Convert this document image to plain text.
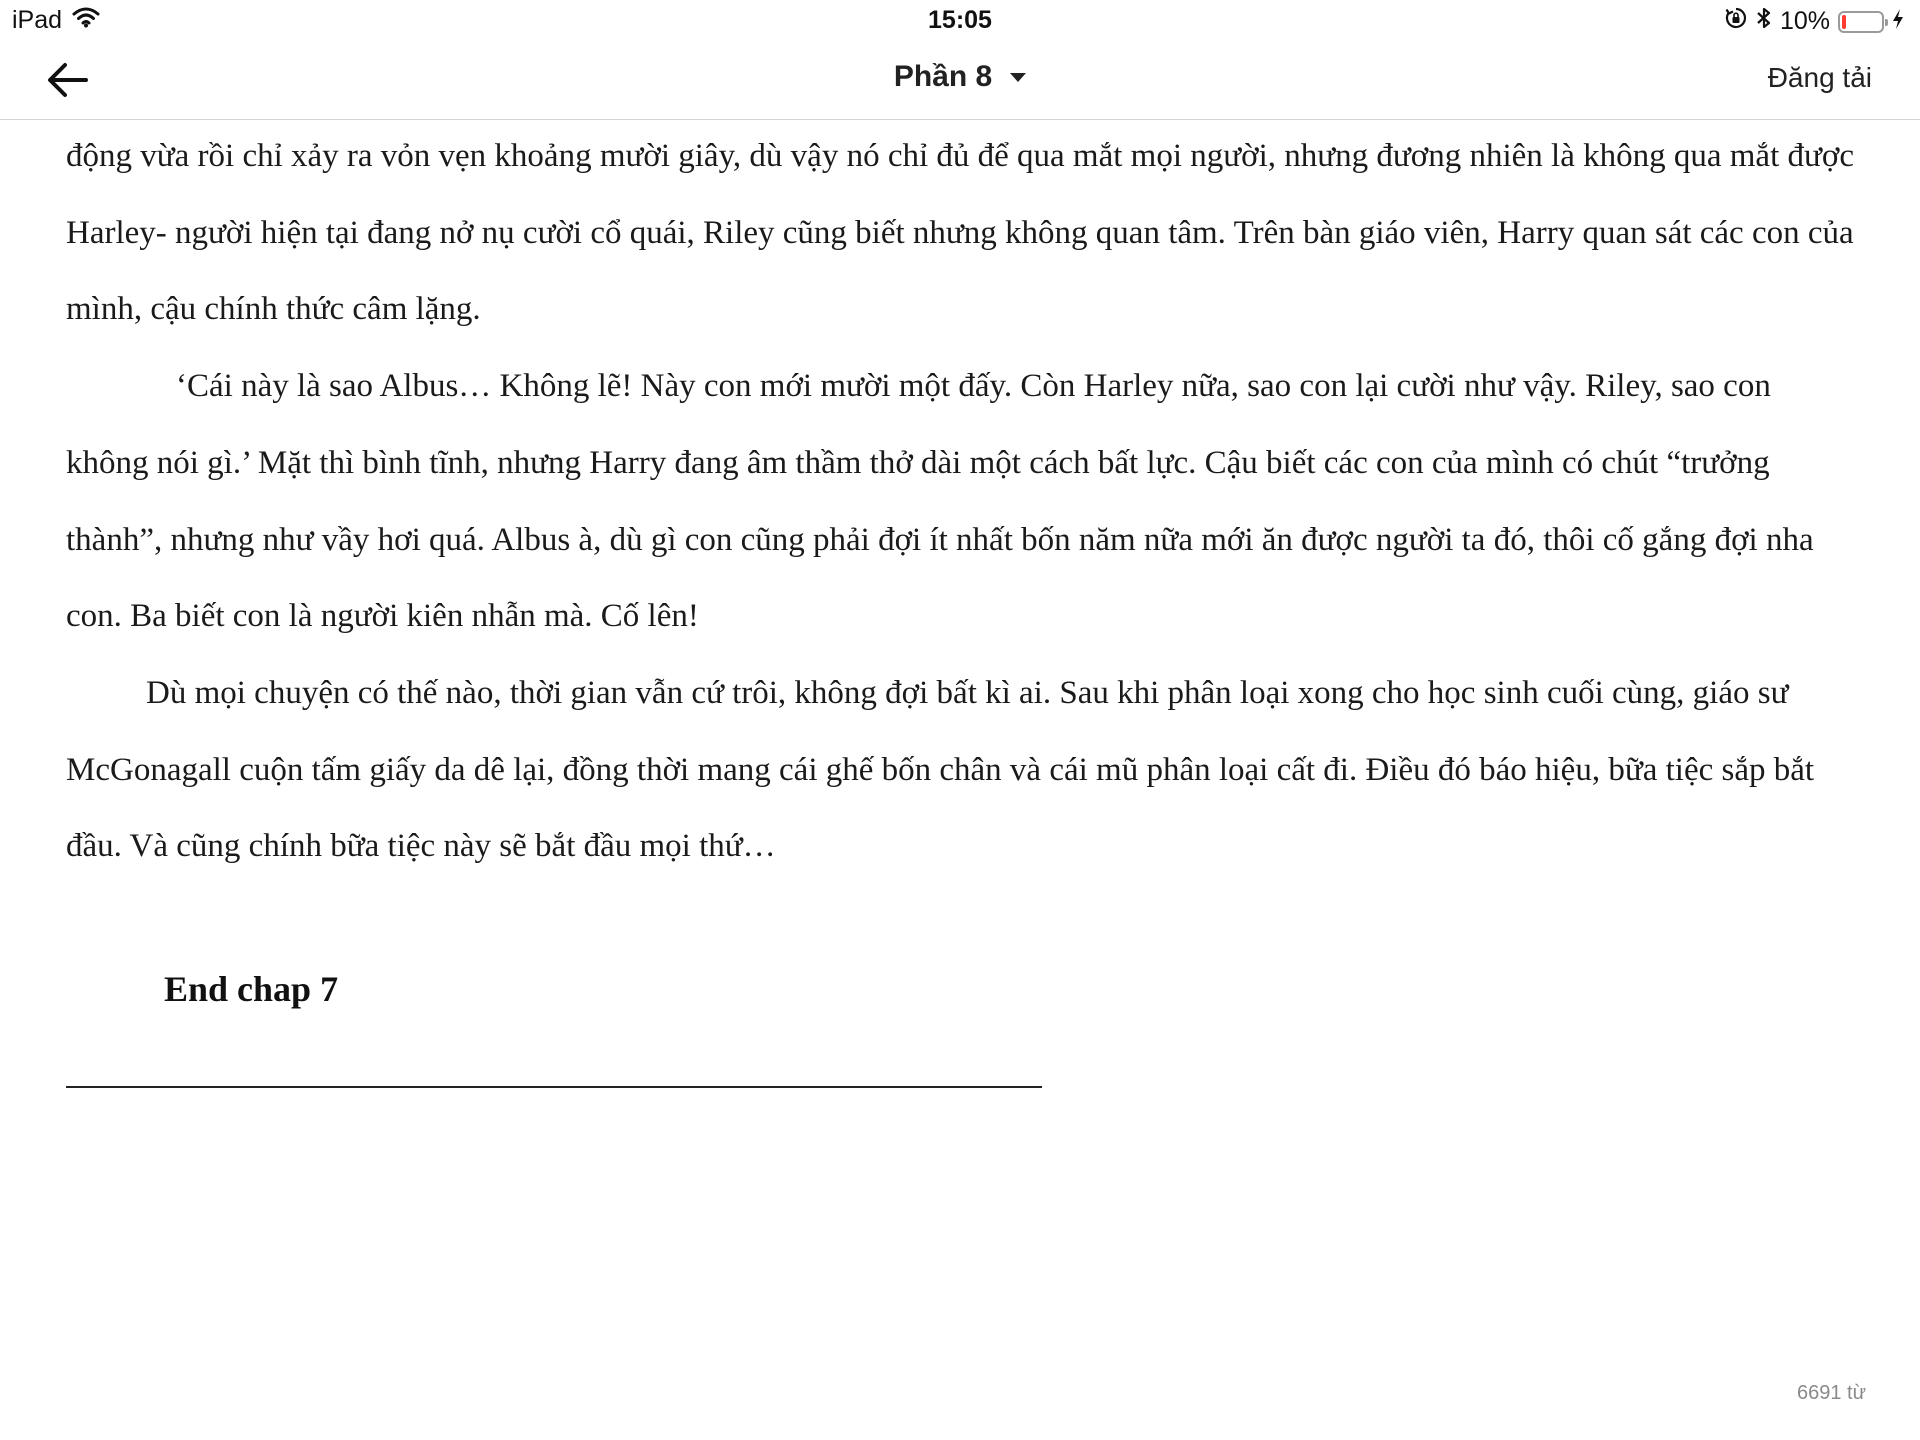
iPad	15:05	10%
Phần 8	Đăng tải

động vừa rồi chỉ xảy ra vỏn vẹn khoảng mười giây, dù vậy nó chỉ đủ để qua mắt mọi người, nhưng đương nhiên là không qua mắt được Harley- người hiện tại đang nở nụ cười cổ quái, Riley cũng biết nhưng không quan tâm. Trên bàn giáo viên, Harry quan sát các con của mình, cậu chính thức câm lặng.

‘Cái này là sao Albus… Không lẽ! Này con mới mười một đấy. Còn Harley nữa, sao con lại cười như vậy. Riley, sao con không nói gì.’ Mặt thì bình tĩnh, nhưng Harry đang âm thầm thở dài một cách bất lực. Cậu biết các con của mình có chút “trưởng thành”, nhưng như vầy hơi quá. Albus à, dù gì con cũng phải đợi ít nhất bốn năm nữa mới ăn được người ta đó, thôi cố gắng đợi nha con. Ba biết con là người kiên nhẫn mà. Cố lên!

Dù mọi chuyện có thế nào, thời gian vẫn cứ trôi, không đợi bất kì ai. Sau khi phân loại xong cho học sinh cuối cùng, giáo sư McGonagall cuộn tấm giấy da dê lại, đồng thời mang cái ghế bốn chân và cái mũ phân loại cất đi. Điều đó báo hiệu, bữa tiệc sắp bắt đầu. Và cũng chính bữa tiệc này sẽ bắt đầu mọi thứ…

End chap 7
6691 từ
